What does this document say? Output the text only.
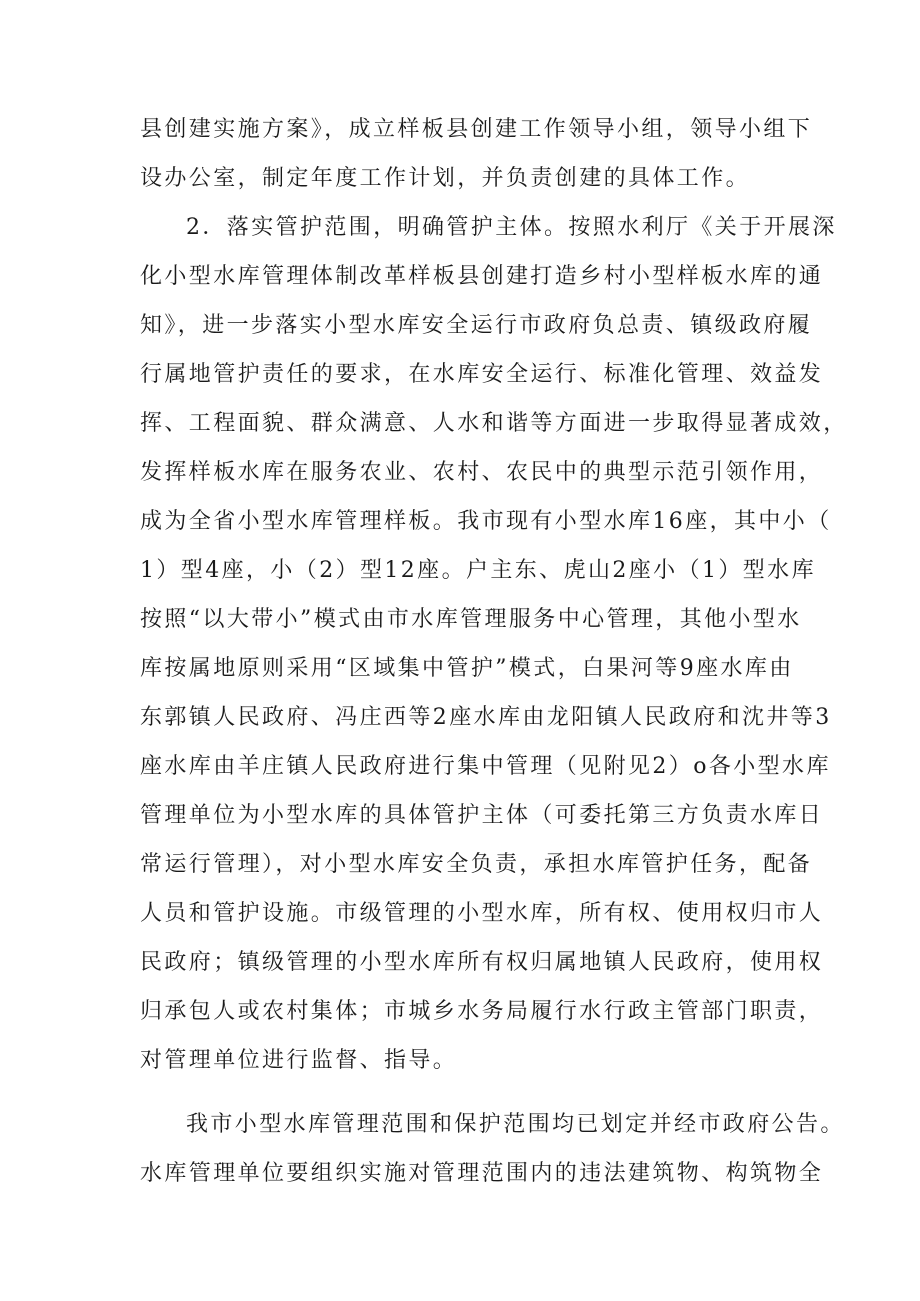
县创建实施方案》，成立样板县创建工作领导小组，领导小组下
设办公室，制定年度工作计划，并负责创建的具体工作。
2．落实管护范围，明确管护主体。按照水利厅《关于开展深
化小型水库管理体制改革样板县创建打造乡村小型样板水库的通
知》，进一步落实小型水库安全运行市政府负总责、镇级政府履
行属地管护责任的要求，在水库安全运行、标准化管理、效益发
挥、工程面貌、群众满意、人水和谐等方面进一步取得显著成效，
发挥样板水库在服务农业、农村、农民中的典型示范引领作用，
成为全省小型水库管理样板。我市现有小型水库16座，其中小（
1）型4座，小（2）型12座。户主东、虎山2座小（1）型水库
按照“以大带小”模式由市水库管理服务中心管理，其他小型水
库按属地原则采用“区域集中管护”模式，白果河等9座水库由
东郭镇人民政府、冯庄西等2座水库由龙阳镇人民政府和沈井等3
座水库由羊庄镇人民政府进行集中管理（见附见2）o各小型水库
管理单位为小型水库的具体管护主体（可委托第三方负责水库日
常运行管理），对小型水库安全负责，承担水库管护任务，配备
人员和管护设施。市级管理的小型水库，所有权、使用权归市人
民政府；镇级管理的小型水库所有权归属地镇人民政府，使用权
归承包人或农村集体；市城乡水务局履行水行政主管部门职责，
对管理单位进行监督、指导。
我市小型水库管理范围和保护范围均已划定并经市政府公告。
水库管理单位要组织实施对管理范围内的违法建筑物、构筑物全
